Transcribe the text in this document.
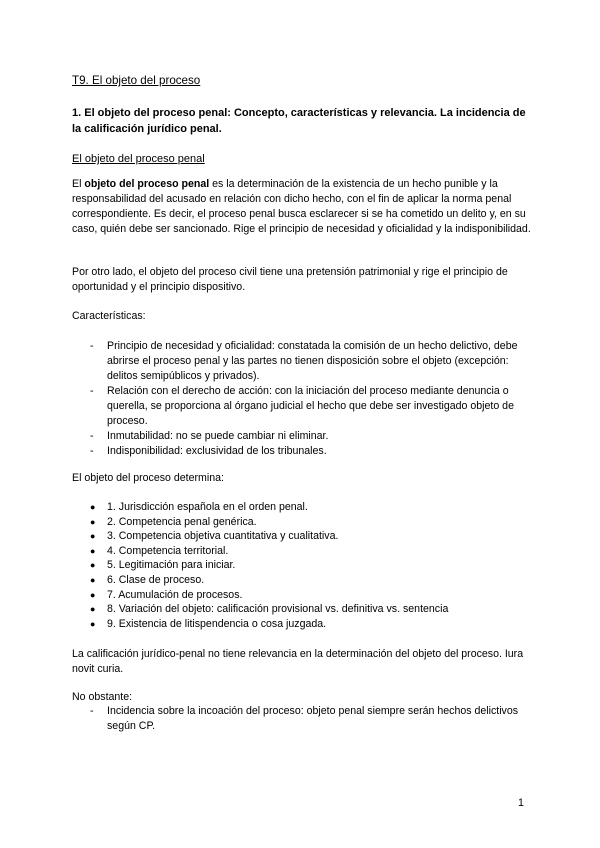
T9. El objeto del proceso
1. El objeto del proceso penal: Concepto, características y relevancia. La incidencia de la calificación jurídico penal.
El objeto del proceso penal
El objeto del proceso penal es la determinación de la existencia de un hecho punible y la responsabilidad del acusado en relación con dicho hecho, con el fin de aplicar la norma penal correspondiente. Es decir, el proceso penal busca esclarecer si se ha cometido un delito y, en su caso, quién debe ser sancionado. Rige el principio de necesidad y oficialidad y la indisponibilidad.
Por otro lado, el objeto del proceso civil tiene una pretensión patrimonial y rige el principio de oportunidad y el principio dispositivo.
Características:
- Principio de necesidad y oficialidad: constatada la comisión de un hecho delictivo, debe abrirse el proceso penal y las partes no tienen disposición sobre el objeto (excepción: delitos semipúblicos y privados).
- Relación con el derecho de acción: con la iniciación del proceso mediante denuncia o querella, se proporciona al órgano judicial el hecho que debe ser investigado objeto de proceso.
- Inmutabilidad: no se puede cambiar ni eliminar.
- Indisponibilidad: exclusividad de los tribunales.
El objeto del proceso determina:
● 1. Jurisdicción española en el orden penal.
● 2. Competencia penal genérica.
● 3. Competencia objetiva cuantitativa y cualitativa.
● 4. Competencia territorial.
● 5. Legitimación para iniciar.
● 6. Clase de proceso.
● 7. Acumulación de procesos.
● 8. Variación del objeto: calificación provisional vs. definitiva vs. sentencia
● 9. Existencia de litispendencia o cosa juzgada.
La calificación jurídico-penal no tiene relevancia en la determinación del objeto del proceso. Iura novit curia.
No obstante:
- Incidencia sobre la incoación del proceso: objeto penal siempre serán hechos delictivos según CP.
1
